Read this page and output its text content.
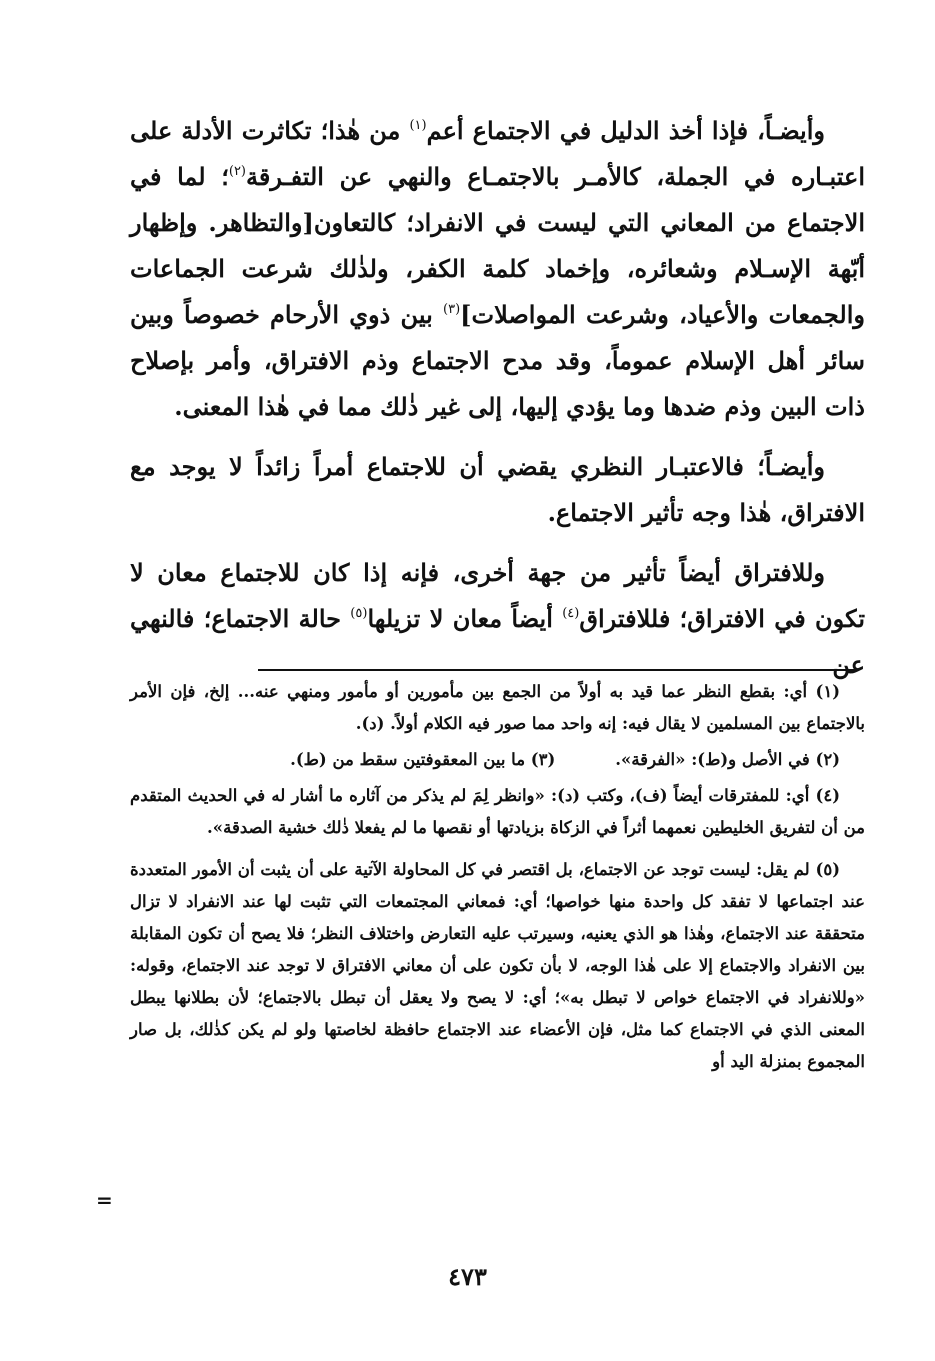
وأيضـاً، فإذا أخذ الدليل في الاجتماع أعم$^{(١)}$ من هٰذا؛ تكاثرت الأدلة على اعتبـاره في الجملة، كالأمـر بالاجتمـاع والنهي عن التفـرقة$^{(٢)}$؛ لما في الاجتماع من المعاني التي ليست في الانفراد؛ كالتعاون[والتظاهر. وإظهار أبّهة الإسـلام وشعائره، وإخماد كلمة الكفر، ولذٰلك شرعت الجماعات والجمعات والأعياد، وشرعت المواصلات]$^{(٣)}$ بين ذوي الأرحام خصوصاً وبين سائر أهل الإسلام عموماً، وقد مدح الاجتماع وذم الافتراق، وأمر بإصلاح ذات البين وذم ضدها وما يؤدي إليها، إلى غير ذٰلك مما في هٰذا المعنى.

وأيضـاً؛ فالاعتبـار النظري يقضي أن للاجتماع أمراً زائداً لا يوجد مع الافتراق، هٰذا وجه تأثير الاجتماع.

وللافتراق أيضاً تأثير من جهة أخرى، فإنه إذا كان للاجتماع معان لا تكون في الافتراق؛ فللافتراق$^{(٤)}$ أيضاً معان لا تزيلها$^{(٥)}$ حالة الاجتماع؛ فالنهي عن

(١) أي: بقطع النظر عما قيد به أولاً من الجمع بين مأمورين أو مأمور ومنهي عنه... إلخ، فإن الأمر بالاجتماع بين المسلمين لا يقال فيه: إنه واحد مما صور فيه الكلام أولاً. (د).

(٢) في الأصل و(ط): «الفرقة».
(٣) ما بين المعقوفتين سقط من (ط).

(٤) أي: للمفترقات أيضاً (ف)، وكتب (د): «وانظر لِمَ لم يذكر من آثاره ما أشار له في الحديث المتقدم من أن لتفريق الخليطين نعمهما أثراً في الزكاة بزيادتها أو نقصها ما لم يفعلا ذٰلك خشية الصدقة».

(٥) لم يقل: ليست توجد عن الاجتماع، بل اقتصر في كل المحاولة الآتية على أن يثبت أن الأمور المتعددة عند اجتماعها لا تفقد كل واحدة منها خواصها؛ أي: فمعاني المجتمعات التي تثبت لها عند الانفراد لا تزال متحققة عند الاجتماع، وهٰذا هو الذي يعنيه، وسيرتب عليه التعارض واختلاف النظر؛ فلا يصح أن تكون المقابلة بين الانفراد والاجتماع إلا على هٰذا الوجه، لا بأن تكون على أن معاني الافتراق لا توجد عند الاجتماع، وقوله: «وللانفراد في الاجتماع خواص لا تبطل به»؛ أي: لا يصح ولا يعقل أن تبطل بالاجتماع؛ لأن بطلانها يبطل المعنى الذي في الاجتماع كما مثل، فإن الأعضاء عند الاجتماع حافظة لخاصتها ولو لم يكن كذٰلك، بل صار المجموع بمنزلة اليد أو

=
٤٧٣
